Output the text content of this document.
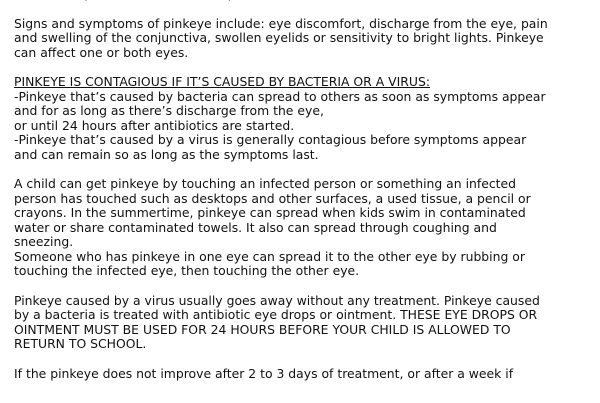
Signs and symptoms of pinkeye include: eye discomfort, discharge from the eye, pain
and swelling of the conjunctiva, swollen eyelids or sensitivity to bright lights. Pinkeye
can affect one or both eyes.
PINKEYE IS CONTAGIOUS IF IT’S CAUSED BY BACTERIA OR A VIRUS:
-Pinkeye that’s caused by bacteria can spread to others as soon as symptoms appear
and for as long as there’s discharge from the eye,
or until 24 hours after antibiotics are started.
-Pinkeye that’s caused by a virus is generally contagious before symptoms appear
and can remain so as long as the symptoms last.
A child can get pinkeye by touching an infected person or something an infected
person has touched such as desktops and other surfaces, a used tissue, a pencil or
crayons. In the summertime, pinkeye can spread when kids swim in contaminated
water or share contaminated towels. It also can spread through coughing and
sneezing.
Someone who has pinkeye in one eye can spread it to the other eye by rubbing or
touching the infected eye, then touching the other eye.
Pinkeye caused by a virus usually goes away without any treatment. Pinkeye caused
by a bacteria is treated with antibiotic eye drops or ointment. THESE EYE DROPS OR
OINTMENT MUST BE USED FOR 24 HOURS BEFORE YOUR CHILD IS ALLOWED TO
RETURN TO SCHOOL.
If the pinkeye does not improve after 2 to 3 days of treatment, or after a week if
